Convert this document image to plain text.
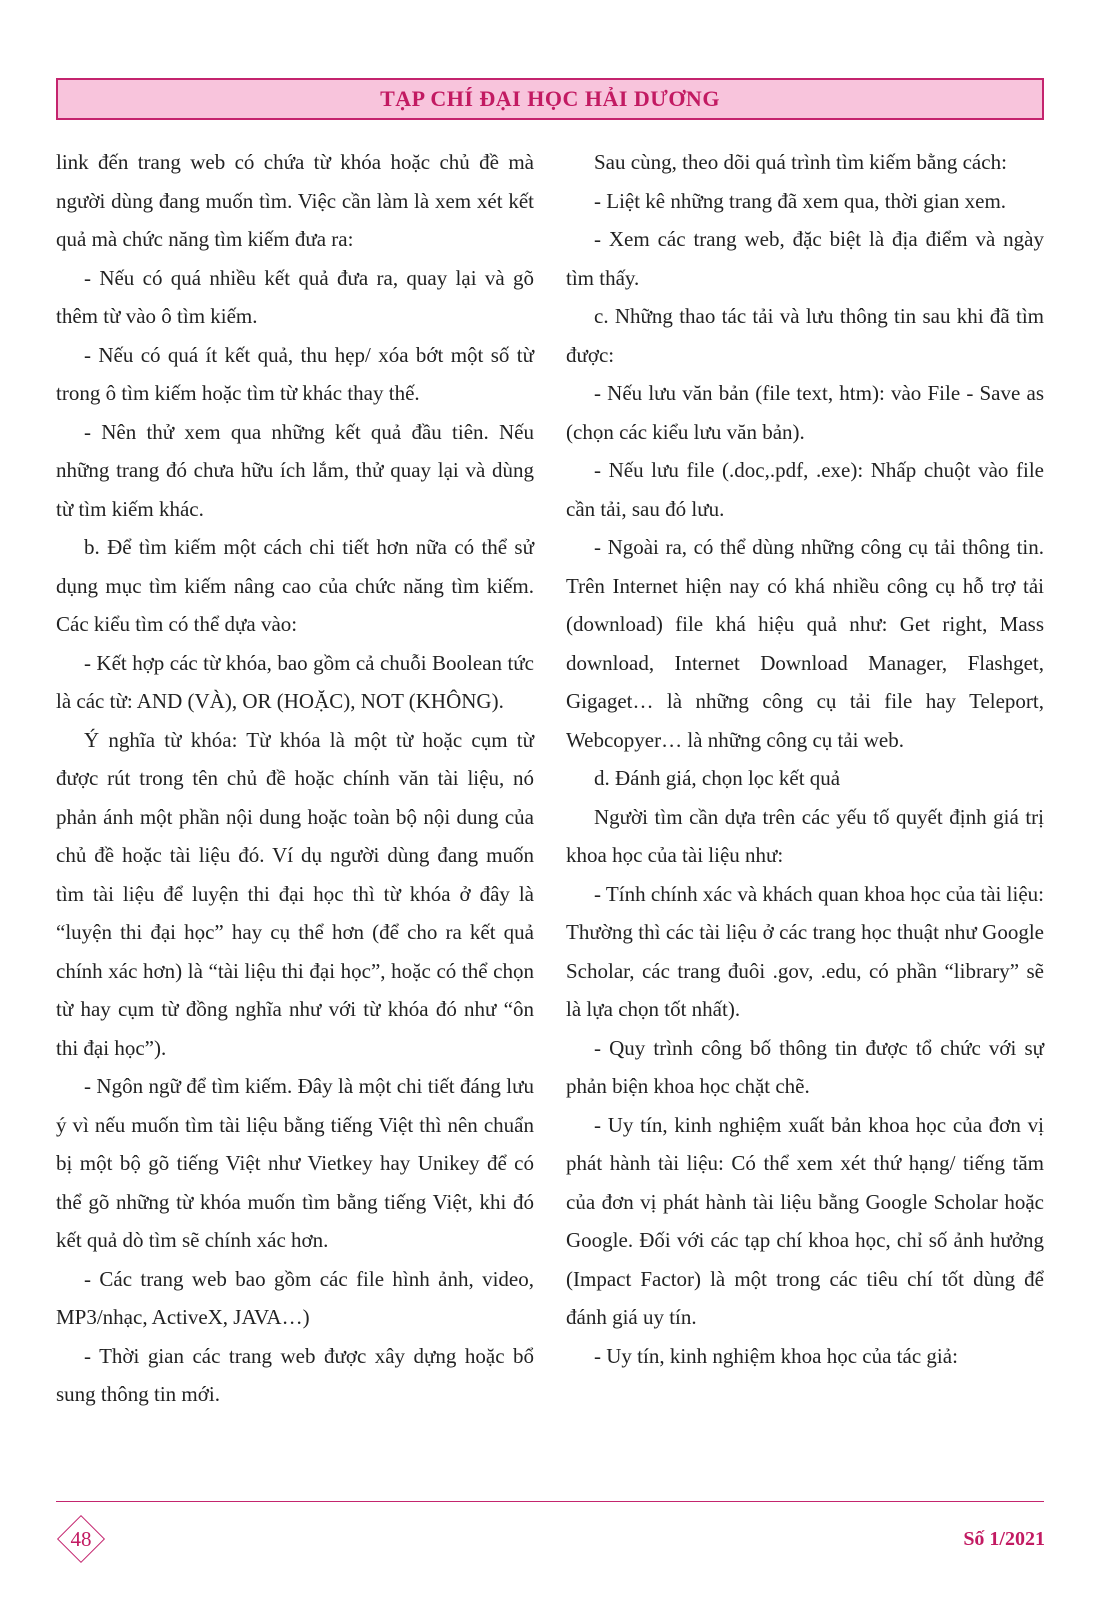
TẠP CHÍ ĐẠI HỌC HẢI DƯƠNG

link đến trang web có chứa từ khóa hoặc chủ đề mà người dùng đang muốn tìm. Việc cần làm là xem xét kết quả mà chức năng tìm kiếm đưa ra:

- Nếu có quá nhiều kết quả đưa ra, quay lại và gõ thêm từ vào ô tìm kiếm.

- Nếu có quá ít kết quả, thu hẹp/ xóa bớt một số từ trong ô tìm kiếm hoặc tìm từ khác thay thế.

- Nên thử xem qua những kết quả đầu tiên. Nếu những trang đó chưa hữu ích lắm, thử quay lại và dùng từ tìm kiếm khác.

b. Để tìm kiếm một cách chi tiết hơn nữa có thể sử dụng mục tìm kiếm nâng cao của chức năng tìm kiếm. Các kiểu tìm có thể dựa vào:

- Kết hợp các từ khóa, bao gồm cả chuỗi Boolean tức là các từ: AND (VÀ), OR (HOẶC), NOT (KHÔNG).

Ý nghĩa từ khóa: Từ khóa là một từ hoặc cụm từ được rút trong tên chủ đề hoặc chính văn tài liệu, nó phản ánh một phần nội dung hoặc toàn bộ nội dung của chủ đề hoặc tài liệu đó. Ví dụ người dùng đang muốn tìm tài liệu để luyện thi đại học thì từ khóa ở đây là “luyện thi đại học” hay cụ thể hơn (để cho ra kết quả chính xác hơn) là “tài liệu thi đại học”, hoặc có thể chọn từ hay cụm từ đồng nghĩa như với từ khóa đó như “ôn thi đại học”).

- Ngôn ngữ để tìm kiếm. Đây là một chi tiết đáng lưu ý vì nếu muốn tìm tài liệu bằng tiếng Việt thì nên chuẩn bị một bộ gõ tiếng Việt như Vietkey hay Unikey để có thể gõ những từ khóa muốn tìm bằng tiếng Việt, khi đó kết quả dò tìm sẽ chính xác hơn.

- Các trang web bao gồm các file hình ảnh, video, MP3/nhạc, ActiveX, JAVA…)

- Thời gian các trang web được xây dựng hoặc bổ sung thông tin mới.

Sau cùng, theo dõi quá trình tìm kiếm bằng cách:

- Liệt kê những trang đã xem qua, thời gian xem.

- Xem các trang web, đặc biệt là địa điểm và ngày tìm thấy.

c. Những thao tác tải và lưu thông tin sau khi đã tìm được:

- Nếu lưu văn bản (file text, htm): vào File - Save as (chọn các kiểu lưu văn bản).

- Nếu lưu file (.doc,.pdf, .exe): Nhấp chuột vào file cần tải, sau đó lưu.

- Ngoài ra, có thể dùng những công cụ tải thông tin. Trên Internet hiện nay có khá nhiều công cụ hỗ trợ tải (download) file khá hiệu quả như: Get right, Mass download, Internet Download Manager, Flashget, Gigaget… là những công cụ tải file hay Teleport, Webcopyer… là những công cụ tải web.

d. Đánh giá, chọn lọc kết quả

Người tìm cần dựa trên các yếu tố quyết định giá trị khoa học của tài liệu như:

- Tính chính xác và khách quan khoa học của tài liệu: Thường thì các tài liệu ở các trang học thuật như Google Scholar, các trang đuôi .gov, .edu, có phần “library” sẽ là lựa chọn tốt nhất).

- Quy trình công bố thông tin được tổ chức với sự phản biện khoa học chặt chẽ.

- Uy tín, kinh nghiệm xuất bản khoa học của đơn vị phát hành tài liệu: Có thể xem xét thứ hạng/ tiếng tăm của đơn vị phát hành tài liệu bằng Google Scholar hoặc Google. Đối với các tạp chí khoa học, chỉ số ảnh hưởng (Impact Factor) là một trong các tiêu chí tốt dùng để đánh giá uy tín.

- Uy tín, kinh nghiệm khoa học của tác giả:

48	Số 1/2021
